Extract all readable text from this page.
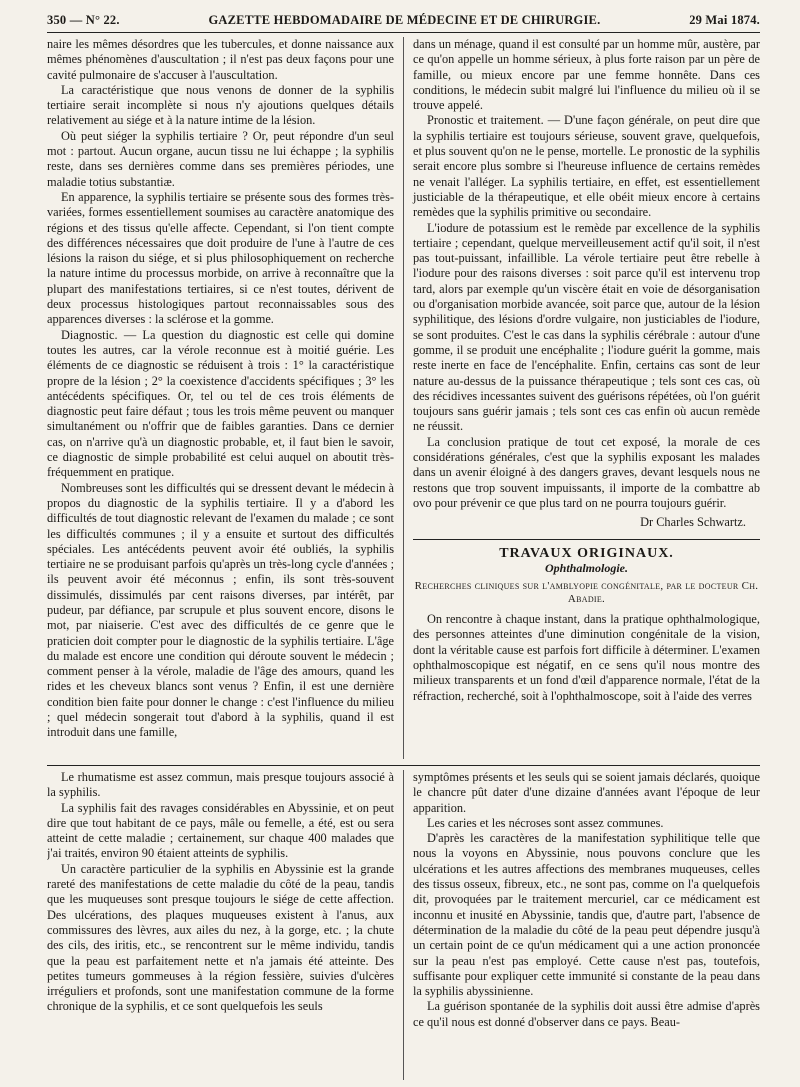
350 — N° 22.	GAZETTE HEBDOMADAIRE DE MÉDECINE ET DE CHIRURGIE.	29 Mai 1874.

naire les mêmes désordres que les tubercules, et donne naissance aux mêmes phénomènes d'auscultation ; il n'est pas deux façons pour une cavité pulmonaire de s'accuser à l'auscultation.

La caractéristique que nous venons de donner de la syphilis tertiaire serait incomplète si nous n'y ajoutions quelques détails relativement au siége et à la nature intime de la lésion.

Où peut siéger la syphilis tertiaire ? Or, peut répondre d'un seul mot : partout. Aucun organe, aucun tissu ne lui échappe ; la syphilis reste, dans ses dernières comme dans ses premières périodes, une maladie totius substantiæ.

En apparence, la syphilis tertiaire se présente sous des formes très-variées, formes essentiellement soumises au caractère anatomique des régions et des tissus qu'elle affecte. Cependant, si l'on tient compte des différences nécessaires que doit produire de l'une à l'autre de ces lésions la raison du siége, et si plus philosophiquement on recherche la nature intime du processus morbide, on arrive à reconnaître que la plupart des manifestations tertiaires, si ce n'est toutes, dérivent de deux processus histologiques partout reconnaissables sous des apparences diverses : la sclérose et la gomme.

Diagnostic. — La question du diagnostic est celle qui domine toutes les autres, car la vérole reconnue est à moitié guérie. Les éléments de ce diagnostic se réduisent à trois : 1° la caractéristique propre de la lésion ; 2° la coexistence d'accidents spécifiques ; 3° les antécédents spécifiques. Or, tel ou tel de ces trois éléments de diagnostic peut faire défaut ; tous les trois même peuvent ou manquer simultanément ou n'offrir que de faibles garanties. Dans ce dernier cas, on n'arrive qu'à un diagnostic probable, et, il faut bien le savoir, ce diagnostic de simple probabilité est celui auquel on aboutit très-fréquemment en pratique.

Nombreuses sont les difficultés qui se dressent devant le médecin à propos du diagnostic de la syphilis tertiaire. Il y a d'abord les difficultés de tout diagnostic relevant de l'examen du malade ; ce sont les difficultés communes ; il y a ensuite et surtout des difficultés spéciales. Les antécédents peuvent avoir été oubliés, la syphilis tertiaire ne se produisant parfois qu'après un très-long cycle d'années ; ils peuvent avoir été méconnus ; enfin, ils sont très-souvent dissimulés, dissimulés par cent raisons diverses, par intérêt, par pudeur, par défiance, par scrupule et plus souvent encore, disons le mot, par niaiserie. C'est avec des difficultés de ce genre que le praticien doit compter pour le diagnostic de la syphilis tertiaire. L'âge du malade est encore une condition qui déroute souvent le médecin ; comment penser à la vérole, maladie de l'âge des amours, quand les rides et les cheveux blancs sont venus ? Enfin, il est une dernière condition bien faite pour donner le change : c'est l'influence du milieu ; quel médecin songerait tout d'abord à la syphilis, quand il est introduit dans une famille,

dans un ménage, quand il est consulté par un homme mûr, austère, par ce qu'on appelle un homme sérieux, à plus forte raison par un père de famille, ou mieux encore par une femme honnête. Dans ces conditions, le médecin subit malgré lui l'influence du milieu où il se trouve appelé.

Pronostic et traitement. — D'une façon générale, on peut dire que la syphilis tertiaire est toujours sérieuse, souvent grave, quelquefois, et plus souvent qu'on ne le pense, mortelle. Le pronostic de la syphilis serait encore plus sombre si l'heureuse influence de certains remèdes ne venait l'alléger. La syphilis tertiaire, en effet, est essentiellement justiciable de la thérapeutique, et elle obéit mieux encore à certains remèdes que la syphilis primitive ou secondaire.

L'iodure de potassium est le remède par excellence de la syphilis tertiaire ; cependant, quelque merveilleusement actif qu'il soit, il n'est pas tout-puissant, infaillible. La vérole tertiaire peut être rebelle à l'iodure pour des raisons diverses : soit parce qu'il est intervenu trop tard, alors par exemple qu'un viscère était en voie de désorganisation ou d'organisation morbide avancée, soit parce que, autour de la lésion syphilitique, des lésions d'ordre vulgaire, non justiciables de l'iodure, se sont produites. C'est le cas dans la syphilis cérébrale : autour d'une gomme, il se produit une encéphalite ; l'iodure guérit la gomme, mais reste inerte en face de l'encéphalite. Enfin, certains cas sont de leur nature au-dessus de la puissance thérapeutique ; tels sont ces cas, où des récidives incessantes suivent des guérisons répétées, où l'on guérit toujours sans guérir jamais ; tels sont ces cas enfin où aucun remède ne réussit.

La conclusion pratique de tout cet exposé, la morale de ces considérations générales, c'est que la syphilis exposant les malades dans un avenir éloigné à des dangers graves, devant lesquels nous ne restons que trop souvent impuissants, il importe de la combattre ab ovo pour prévenir ce que plus tard on ne pourra toujours guérir.

Dr Charles Schwartz.
TRAVAUX ORIGINAUX.
Ophthalmologie.
Recherches cliniques sur l'amblyopie congénitale, par le docteur Ch. Abadie.

On rencontre à chaque instant, dans la pratique ophthalmologique, des personnes atteintes d'une diminution congénitale de la vision, dont la véritable cause est parfois fort difficile à déterminer. L'examen ophthalmoscopique est négatif, en ce sens qu'il nous montre des milieux transparents et un fond d'œil d'apparence normale, l'état de la réfraction, recherché, soit à l'ophthalmoscope, soit à l'aide des verres

Le rhumatisme est assez commun, mais presque toujours associé à la syphilis.

La syphilis fait des ravages considérables en Abyssinie, et on peut dire que tout habitant de ce pays, mâle ou femelle, a été, est ou sera atteint de cette maladie ; certainement, sur chaque 400 malades que j'ai traités, environ 90 étaient atteints de syphilis.

Un caractère particulier de la syphilis en Abyssinie est la grande rareté des manifestations de cette maladie du côté de la peau, tandis que les muqueuses sont presque toujours le siége de cette affection. Des ulcérations, des plaques muqueuses existent à l'anus, aux commissures des lèvres, aux ailes du nez, à la gorge, etc. ; la chute des cils, des iritis, etc., se rencontrent sur le même individu, tandis que la peau est parfaitement nette et n'a jamais été atteinte. Des petites tumeurs gommeuses à la région fessière, suivies d'ulcères irréguliers et profonds, sont une manifestation commune de la forme chronique de la syphilis, et ce sont quelquefois les seuls

symptômes présents et les seuls qui se soient jamais déclarés, quoique le chancre pût dater d'une dizaine d'années avant l'époque de leur apparition.

Les caries et les nécroses sont assez communes.

D'après les caractères de la manifestation syphilitique telle que nous la voyons en Abyssinie, nous pouvons conclure que les ulcérations et les autres affections des membranes muqueuses, celles des tissus osseux, fibreux, etc., ne sont pas, comme on l'a quelquefois dit, provoquées par le traitement mercuriel, car ce médicament est inconnu et inusité en Abyssinie, tandis que, d'autre part, l'absence de détermination de la maladie du côté de la peau peut dépendre jusqu'à un certain point de ce qu'un médicament qui a une action prononcée sur la peau n'est pas employé. Cette cause n'est pas, toutefois, suffisante pour expliquer cette immunité si constante de la peau dans la syphilis abyssinienne.

La guérison spontanée de la syphilis doit aussi être admise d'après ce qu'il nous est donné d'observer dans ce pays. Beau-
